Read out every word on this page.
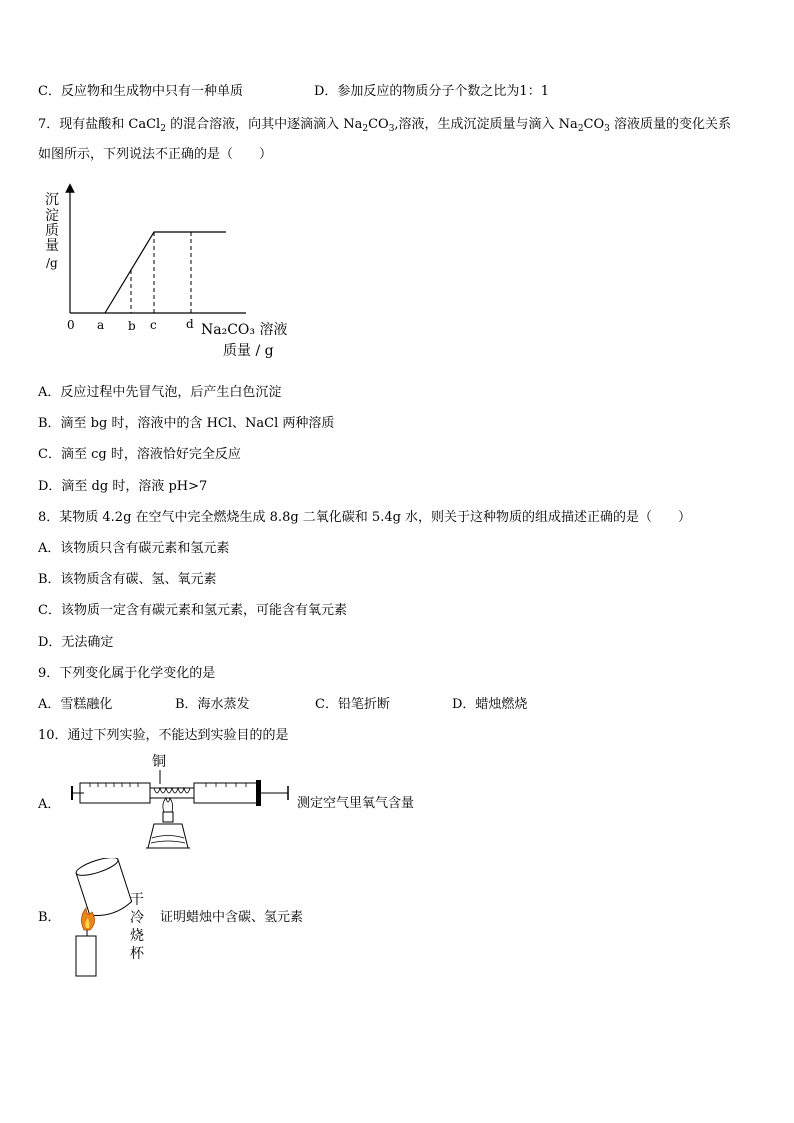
C．反应物和生成物中只有一种单质	D．参加反应的物质分子个数之比为1：1
7．现有盐酸和 CaCl$_2$ 的混合溶液，向其中逐滴滴入 $Na_2CO_3$,溶液，生成沉淀质量与滴入 $Na_2CO_3$ 溶液质量的变化关系
如图所示，下列说法不正确的是（　　）
沉
淀
质
量
/g
0 a b c d Na₂CO₃ 溶液
质量 / g
A．反应过程中先冒气泡，后产生白色沉淀
B．滴至 bg 时，溶液中的含 HCl、NaCl 两种溶质
C．滴至 cg 时，溶液恰好完全反应
D．滴至 dg 时，溶液 pH>7
8．某物质 4.2g 在空气中完全燃烧生成 8.8g 二氧化碳和 5.4g 水，则关于这种物质的组成描述正确的是（　　）
A．该物质只含有碳元素和氢元素
B．该物质含有碳、氢、氧元素
C．该物质一定含有碳元素和氢元素，可能含有氧元素
D．无法确定
9．下列变化属于化学变化的是
A．雪糕融化	B．海水蒸发	C．铅笔折断	D．蜡烛燃烧
10．通过下列实验，不能达到实验目的的是
A．
铜
测定空气里氧气含量
B．
干
冷
烧
杯
证明蜡烛中含碳、氢元素
